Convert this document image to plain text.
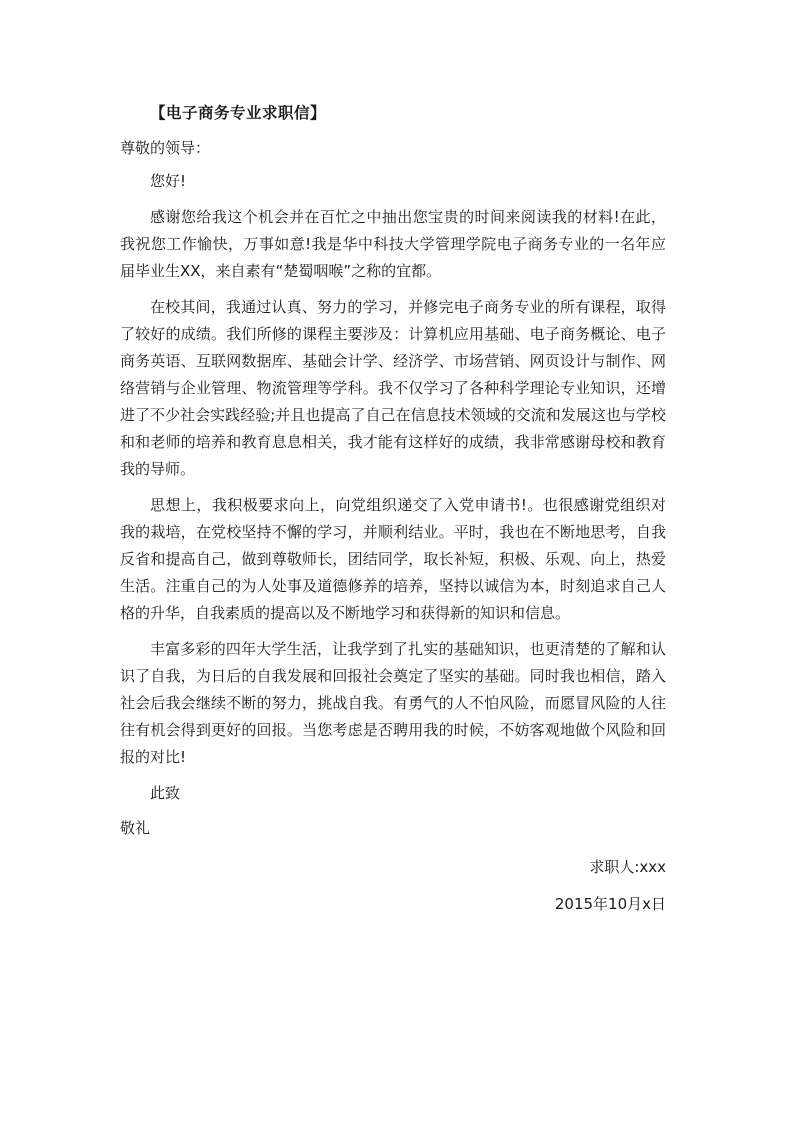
【电子商务专业求职信】
尊敬的领导：

您好!

感谢您给我这个机会并在百忙之中抽出您宝贵的时间来阅读我的材料!在此，我祝您工作愉快，万事如意!我是华中科技大学管理学院电子商务专业的一名年应届毕业生XX，来自素有“楚蜀咽喉”之称的宜都。

在校其间，我通过认真、努力的学习，并修完电子商务专业的所有课程，取得了较好的成绩。我们所修的课程主要涉及：计算机应用基础、电子商务概论、电子商务英语、互联网数据库、基础会计学、经济学、市场营销、网页设计与制作、网络营销与企业管理、物流管理等学科。我不仅学习了各种科学理论专业知识，还增进了不少社会实践经验;并且也提高了自己在信息技术领域的交流和发展这也与学校和和老师的培养和教育息息相关，我才能有这样好的成绩，我非常感谢母校和教育我的导师。

思想上，我积极要求向上，向党组织递交了入党申请书!。也很感谢党组织对我的栽培，在党校坚持不懈的学习，并顺利结业。平时，我也在不断地思考，自我反省和提高自己，做到尊敬师长，团结同学，取长补短，积极、乐观、向上，热爱生活。注重自己的为人处事及道德修养的培养，坚持以诚信为本，时刻追求自己人格的升华，自我素质的提高以及不断地学习和获得新的知识和信息。

丰富多彩的四年大学生活，让我学到了扎实的基础知识，也更清楚的了解和认识了自我，为日后的自我发展和回报社会奠定了坚实的基础。同时我也相信，踏入社会后我会继续不断的努力，挑战自我。有勇气的人不怕风险，而愿冒风险的人往往有机会得到更好的回报。当您考虑是否聘用我的时候，不妨客观地做个风险和回报的对比!

此致
敬礼
求职人:xxx
2015年10月x日
